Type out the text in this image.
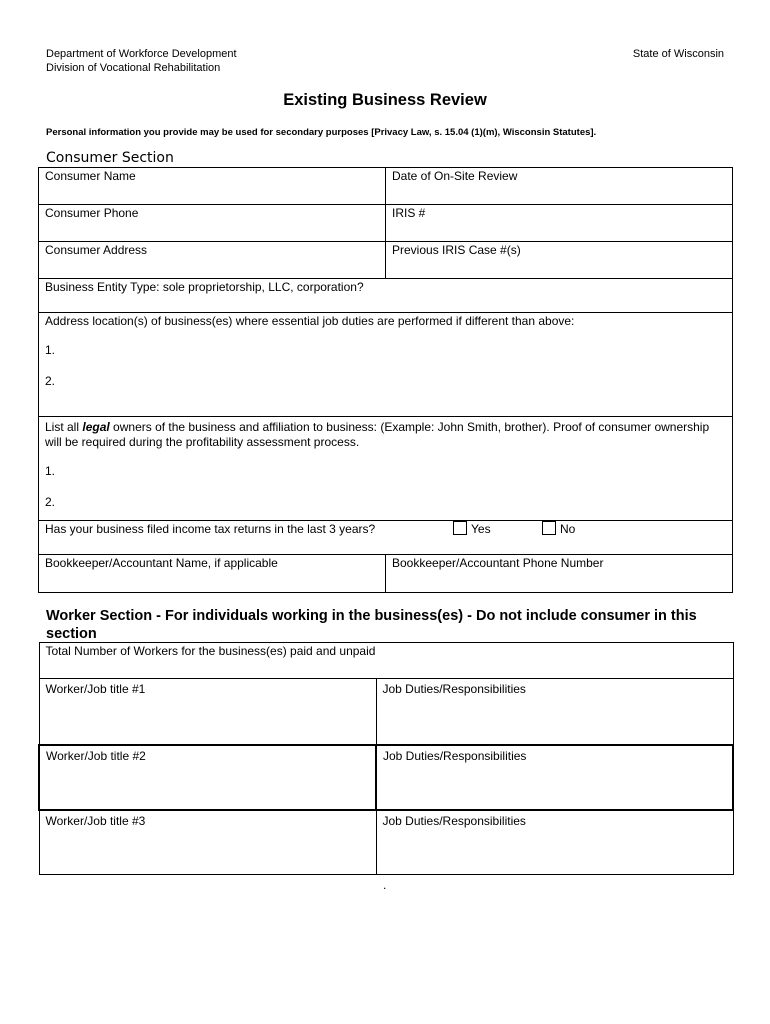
Department of Workforce Development
Division of Vocational Rehabilitation
State of Wisconsin
Existing Business Review
Personal information you provide may be used for secondary purposes [Privacy Law, s. 15.04 (1)(m), Wisconsin Statutes].
Consumer Section
Consumer Name	Date of On-Site Review

Consumer Phone	IRIS #

Consumer Address	Previous IRIS Case #(s)

Business Entity Type: sole proprietorship, LLC, corporation?	

Address location(s) of business(es) where essential job duties are performed if different than above:
1.
2.	

List all legal owners of the business and affiliation to business: (Example: John Smith, brother). Proof of consumer ownership will be required during the profitability assessment process.
1.
2.	

Has your business filed income tax returns in the last 3 years? Yes No	

Bookkeeper/Accountant Name, if applicable	Bookkeeper/Accountant Phone Number
Worker Section - For individuals working in the business(es) - Do not include consumer in this section
Total Number of Workers for the business(es) paid and unpaid	

Worker/Job title #1	Job Duties/Responsibilities

Worker/Job title #2	Job Duties/Responsibilities

Worker/Job title #3	Job Duties/Responsibilities
.
